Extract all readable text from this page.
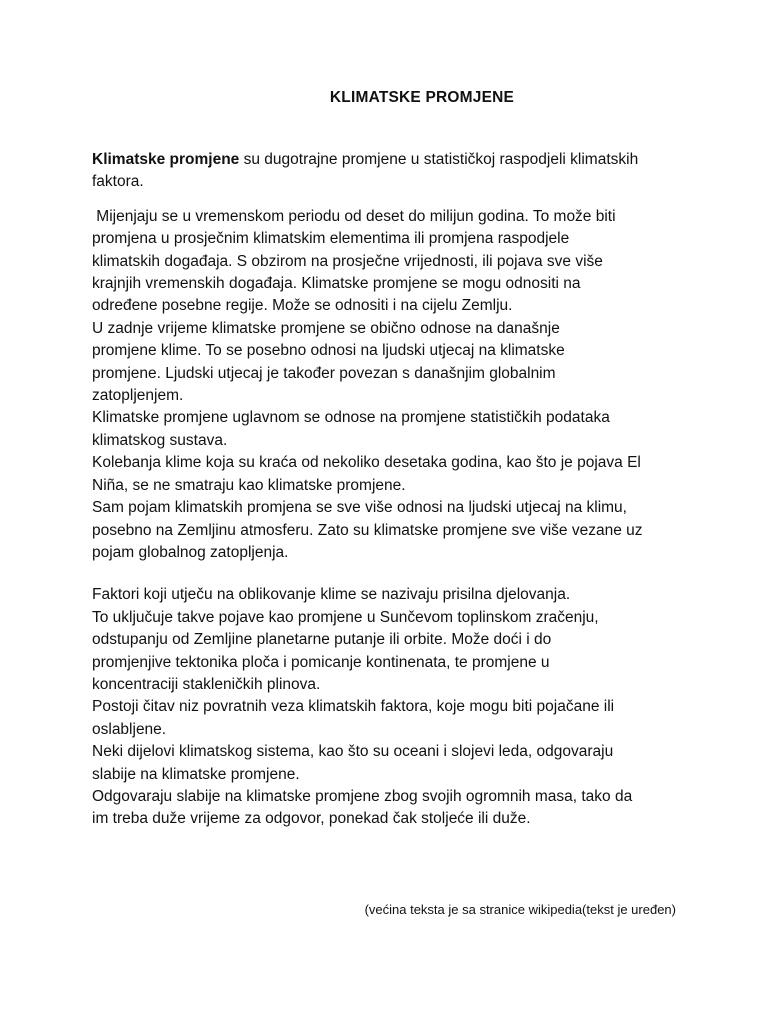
KLIMATSKE PROMJENE
Klimatske promjene su dugotrajne promjene u statističkoj raspodjeli klimatskih
faktora.
Mijenjaju se u vremenskom periodu od deset do milijun godina. To može biti
promjena u prosječnim klimatskim elementima ili promjena raspodjele
klimatskih događaja. S obzirom na prosječne vrijednosti, ili pojava sve više
krajnjih vremenskih događaja. Klimatske promjene se mogu odnositi na
određene posebne regije. Može se odnositi i na cijelu Zemlju.
U zadnje vrijeme klimatske promjene se obično odnose na današnje
promjene klime. To se posebno odnosi na ljudski utjecaj na klimatske
promjene. Ljudski utjecaj je također povezan s današnjim globalnim
zatopljenjem.
Klimatske promjene uglavnom se odnose na promjene statističkih podataka
klimatskog sustava.
Kolebanja klime koja su kraća od nekoliko desetaka godina, kao što je pojava El
Niña, se ne smatraju kao klimatske promjene.
Sam pojam klimatskih promjena se sve više odnosi na ljudski utjecaj na klimu,
posebno na Zemljinu atmosferu. Zato su klimatske promjene sve više vezane uz
pojam globalnog zatopljenja.
Faktori koji utječu na oblikovanje klime se nazivaju prisilna djelovanja.
To uključuje takve pojave kao promjene u Sunčevom toplinskom zračenju,
odstupanju od Zemljine planetarne putanje ili orbite. Može doći i do
promjenjive tektonika ploča i pomicanje kontinenata, te promjene u
koncentraciji stakleničkih plinova.
Postoji čitav niz povratnih veza klimatskih faktora, koje mogu biti pojačane ili
oslabljene.
Neki dijelovi klimatskog sistema, kao što su oceani i slojevi leda, odgovaraju
slabije na klimatske promjene.
Odgovaraju slabije na klimatske promjene zbog svojih ogromnih masa, tako da
im treba duže vrijeme za odgovor, ponekad čak stoljeće ili duže.
(većina teksta je sa stranice wikipedia(tekst je uređen)
